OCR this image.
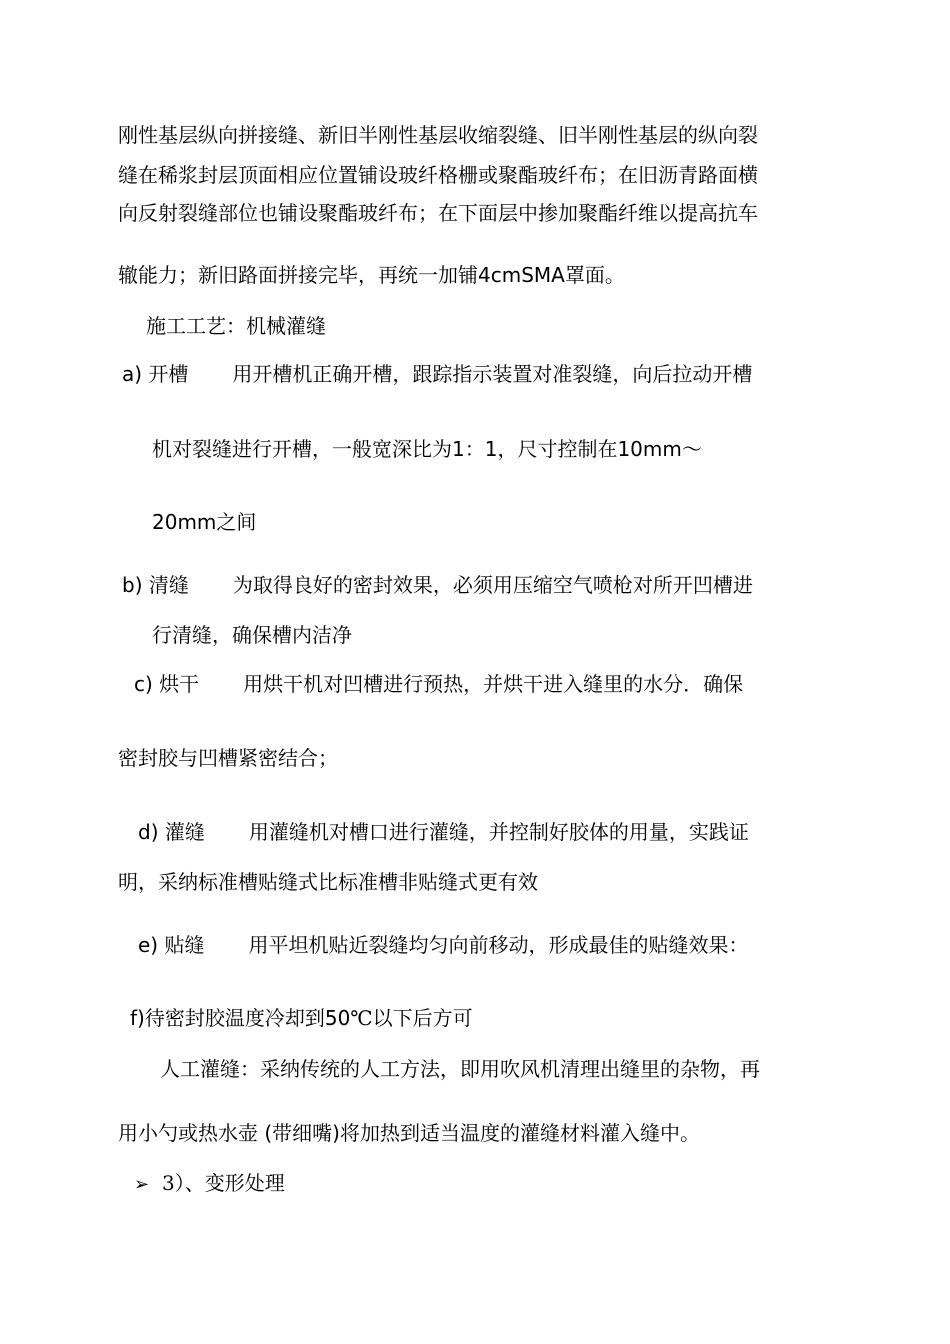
刚性基层纵向拼接缝、新旧半刚性基层收缩裂缝、旧半刚性基层的纵向裂
缝在稀浆封层顶面相应位置铺设玻纤格栅或聚酯玻纤布；在旧沥青路面横
向反射裂缝部位也铺设聚酯玻纤布；在下面层中掺加聚酯纤维以提高抗车
辙能力；新旧路面拼接完毕，再统一加铺4cmSMA罩面。
施工工艺：机械灌缝
a) 开槽 用开槽机正确开槽，跟踪指示装置对准裂缝，向后拉动开槽
机对裂缝进行开槽，一般宽深比为1：1，尺寸控制在10mm～
20mm之间
b) 清缝 为取得良好的密封效果，必须用压缩空气喷枪对所开凹槽进
行清缝，确保槽内洁净
c) 烘干 用烘干机对凹槽进行预热，并烘干进入缝里的水分．确保
密封胶与凹槽紧密结合；
d) 灌缝 用灌缝机对槽口进行灌缝，并控制好胶体的用量，实践证
明，采纳标准槽贴缝式比标准槽非贴缝式更有效
e) 贴缝 用平坦机贴近裂缝均匀向前移动，形成最佳的贴缝效果：
f)待密封胶温度冷却到50℃以下后方可
人工灌缝：采纳传统的人工方法，即用吹风机清理出缝里的杂物，再
用小勺或热水壶 (带细嘴)将加热到适当温度的灌缝材料灌入缝中。
➢ 3）、变形处理
